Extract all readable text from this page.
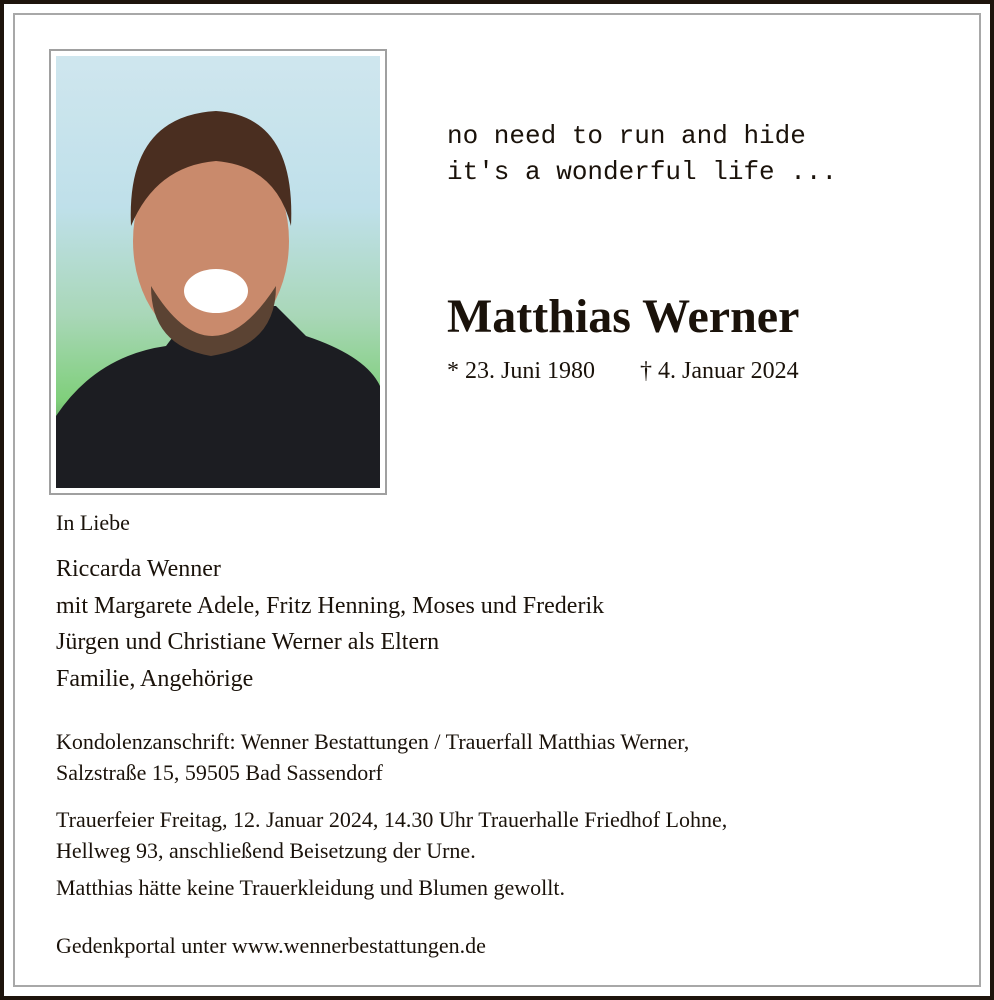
no need to run and hide
it's a wonderful life ...
Matthias Werner
* 23. Juni 1980 † 4. Januar 2024
In Liebe
Riccarda Wenner
mit Margarete Adele, Fritz Henning, Moses und Frederik
Jürgen und Christiane Werner als Eltern
Familie, Angehörige
Kondolenzanschrift: Wenner Bestattungen / Trauerfall Matthias Werner,
Salzstraße 15, 59505 Bad Sassendorf
Trauerfeier Freitag, 12. Januar 2024, 14.30 Uhr Trauerhalle Friedhof Lohne,
Hellweg 93, anschließend Beisetzung der Urne.
Matthias hätte keine Trauerkleidung und Blumen gewollt.
Gedenkportal unter www.wennerbestattungen.de
